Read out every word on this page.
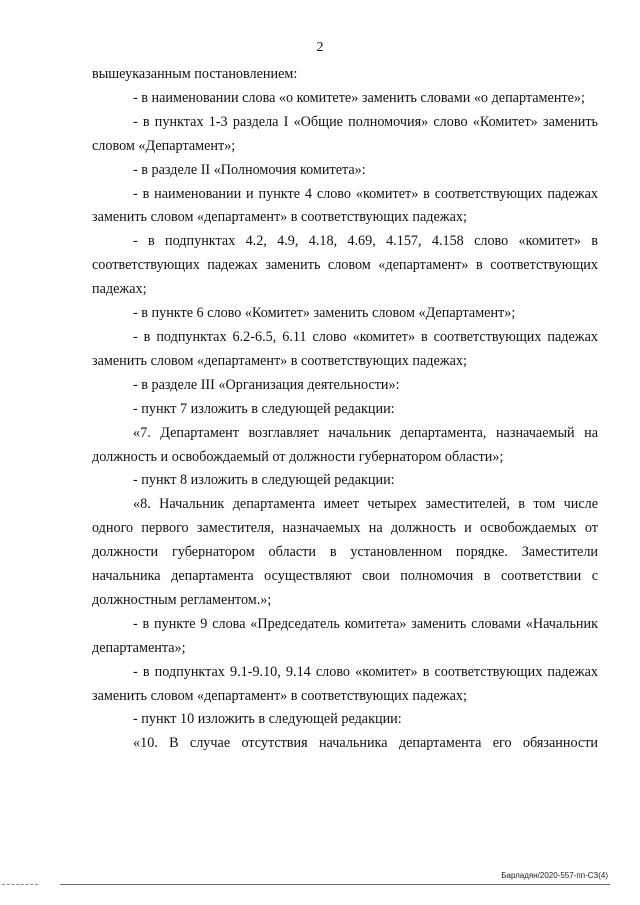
2

вышеуказанным постановлением:

- в наименовании слова «о комитете» заменить словами «о департаменте»;

- в пунктах 1-3 раздела I «Общие полномочия» слово «Комитет» заменить словом «Департамент»;

- в разделе II «Полномочия комитета»:

- в наименовании и пункте 4 слово «комитет» в соответствующих падежах заменить словом «департамент» в соответствующих падежах;

- в подпунктах 4.2, 4.9, 4.18, 4.69, 4.157, 4.158 слово «комитет» в соответствующих падежах заменить словом «департамент» в соответствующих падежах;

- в пункте 6 слово «Комитет» заменить словом «Департамент»;

- в подпунктах 6.2-6.5, 6.11 слово «комитет» в соответствующих падежах заменить словом «департамент» в соответствующих падежах;

- в разделе III «Организация деятельности»:

- пункт 7 изложить в следующей редакции:

«7. Департамент возглавляет начальник департамента, назначаемый на должность и освобождаемый от должности губернатором области»;

- пункт 8 изложить в следующей редакции:

«8. Начальник департамента имеет четырех заместителей, в том числе одного первого заместителя, назначаемых на должность и освобождаемых от должности губернатором области в установленном порядке. Заместители начальника департамента осуществляют свои полномочия в соответствии с должностным регламентом.»;

- в пункте 9 слова «Председатель комитета» заменить словами «Начальник департамента»;

- в подпунктах 9.1-9.10, 9.14 слово «комитет» в соответствующих падежах заменить словом «департамент» в соответствующих падежах;

- пункт 10 изложить в следующей редакции:

«10. В случае отсутствия начальника департамента его обязанности

Барладян/2020-557-пп-СЗ(4)
